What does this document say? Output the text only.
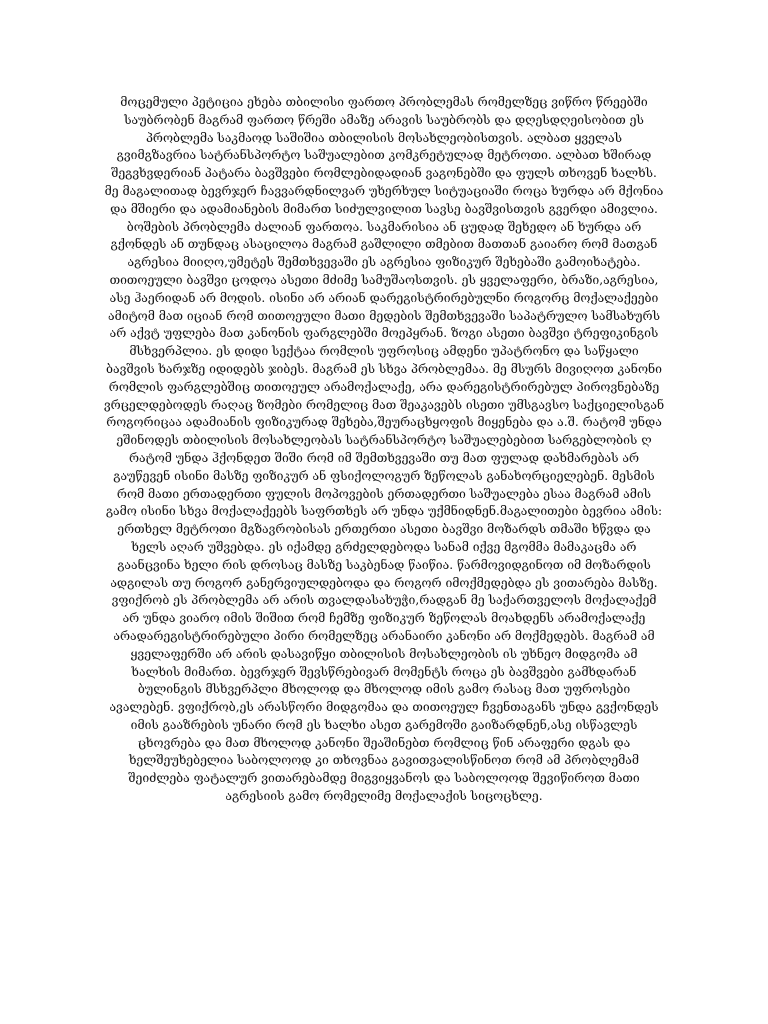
მოცემული პეტიცია ეხება თბილისი ფართო პრობლემას რომელზეც ვიწრო წრეებში
საუბრობენ მაგრამ ფართო წრეში ამაზე არავის საუბრობს და დღესდღეისობით ეს
პრობლემა საკმაოდ საშიშია თბილისის მოსახლეობისთვის. ალბათ ყველას
გვიმგზავრია სატრანსპორტო საშუალებით კომკრეტულად მეტროთი. ალბათ ხშირად
შეგვხვდერიან პატარა ბავშვები რომლებიდადიან ვაგონებში და ფულს თხოვენ ხალხს.
მე მაგალითად ბევრჯერ ჩავვარდნილვარ უხერხულ სიტუაციაში როცა ხურდა არ მქონია
და მშიერი და ადამიანების მიმართ სიძულვილით სავსე ბავშვისთვის გვერდი ამივლია.
ბოშების პრობლემა ძალიან ფართოა. საკმარისია ან ცუდად შეხედო ან ხურდა არ
გქონდეს ან თუნდაც ასაცილოა მაგრამ გაშლილი თმებით მათთან გაიარო რომ მათგან
აგრესია მიიღო,უმეტეს შემთხვევაში ეს აგრესია ფიზიკურ შეხებაში გამოიხატება.
თითოეული ბავშვი ცოდოა ასეთი მძიმე სამუშაოსთვის. ეს ყველაფერი, ბრაზი,აგრესია,
ასე ჰაერიდან არ მოდის. ისინი არ არიან დარეგისტრირებულნი როგორც მოქალაქეები
ამიტომ მათ იციან რომ თითოეული მათი მედების შემთხვევაში საპატრულო სამსახურს
არ აქვტ უფლება მათ კანონის ფარგლებში მოეპყრან. ზოგი ასეთი ბავშვი ტრეფიკინგის
მსხვერპლია. ეს დიდი სექტაა რომლის უფროსიც ამდენი უპატრონო და საწყალი
ბავშვის ხარჯზე იდიდებს ჯიბეს. მაგრამ ეს სხვა პრობლემაა. მე მსურს მივიღოთ კანონი
რომლის ფარგლებშიც თითოეულ არამოქალაქე, არა დარეგისტრირებულ პიროვნებაზე
ვრცელდებოდეს რაღაც ზომები რომელიც მათ შეაკავებს ისეთი უმსგავსო საქციელისგან
როგორიცაა ადამიანის ფიზიკურად შეხება,შეურაცხყოფის მიყენება და ა.შ. რატომ უნდა
ეშინოდეს თბილისის მოსახლეობას სატრანსპორტო საშუალებებით სარგებლობის ღ
რატომ უნდა ჰქონდეთ შიში რომ იმ შემთხვევაში თუ მათ ფულად დახმარებას არ
გაუწევენ ისინი მასზე ფიზიკურ ან ფსიქოლოგურ ზეწოლას განახორციელებენ. მესმის
რომ მათი ერთადერთი ფულის მოპოვების ერთადერთი საშუალება ესაა მაგრამ ამის
გამო ისინი სხვა მოქალაქეებს საფრთხეს არ უნდა უქმნიდნენ.მაგალითები ბევრია ამის:
ერთხელ მეტროთი მგზავრობისას ერთერთი ასეთი ბავშვი მოზარდს თმაში ხწვდა და
ხელს აღარ უშვებდა. ეს იქამდე გრძელდებოდა სანამ იქვე მგომმა მამაკაცმა არ
გაანცვინა ხელი რის დროსაც მასზე საკბენად წაიწია. წარმოვიდგინოთ იმ მოზარდის
ადგილას თუ როგორ განერვიულდებოდა და როგორ იმოქმედებდა ეს ვითარება მასზე.
ვფიქრობ ეს პრობლემა არ არის თვალდასახუჭი,რადგან მე საქართველოს მოქალაქემ
არ უნდა ვიარო იმის შიშით რომ ჩემზე ფიზიკურ ზეწოლას მოახდენს არამოქალაქე
არადარეგისტრირებული პირი რომელზეც არანაირი კანონი არ მოქმედებს. მაგრამ ამ
ყველაფერში არ არის დასავიწყი თბილისის მოსახლეობის ის უხნეო მიდგომა ამ
ხალხის მიმართ. ბევრჯერ შევსწრებივარ მომენტს როცა ეს ბავშვები გამხდარან
ბულინგის მსხვერპლი მხოლოდ და მხოლოდ იმის გამო რასაც მათ უფროსები
ავალებენ. ვფიქრობ,ეს არასწორი მიდგომაა და თითოეულ ჩვენთაგანს უნდა გვქონდეს
იმის გააზრების უნარი რომ ეს ხალხი ასეთ გარემოში გაიზარდნენ,ასე ისწავლეს
ცხოვრება და მათ მხოლოდ კანონი შეაშინებთ რომლიც წინ არაფერი დგას და
ხელშეუხებელია საბოლოოდ კი თხოვნაა გავითვალისწინოთ რომ ამ პრობლემამ
შეიძლება ფატალურ ვითარებამდე მიგვიყვანოს და საბოლოოდ შევიწიროთ მათი
აგრესიის გამო რომელიმე მოქალაქის სიცოცხლე.
